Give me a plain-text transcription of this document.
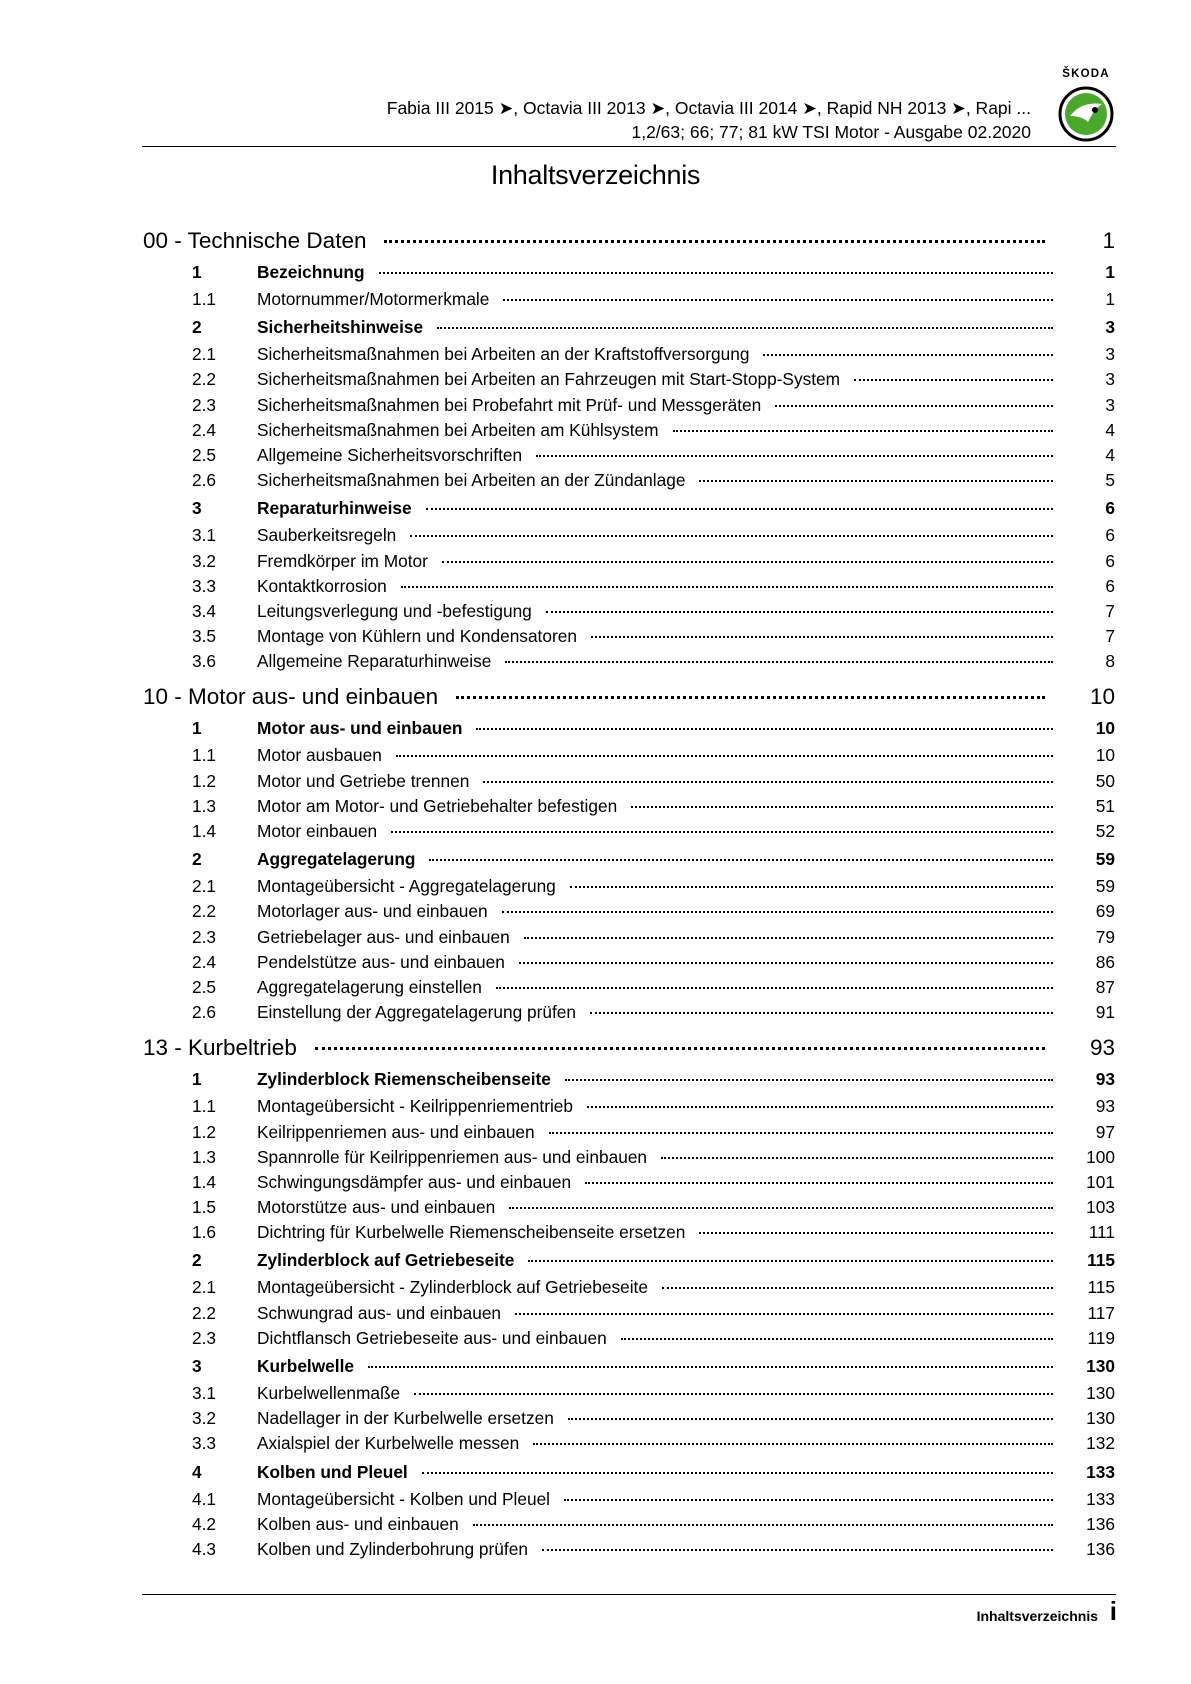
Fabia III 2015 ➤, Octavia III 2013 ➤, Octavia III 2014 ➤, Rapid NH 2013 ➤, Rapi ...
1,2/63; 66; 77; 81 kW TSI Motor - Ausgabe 02.2020
ŠKODA
Inhaltsverzeichnis
00 - Technische Daten	1
1	Bezeichnung	1
1.1	Motornummer/Motormerkmale	1
2	Sicherheitshinweise	3
2.1	Sicherheitsmaßnahmen bei Arbeiten an der Kraftstoffversorgung	3
2.2	Sicherheitsmaßnahmen bei Arbeiten an Fahrzeugen mit Start-Stopp-System	3
2.3	Sicherheitsmaßnahmen bei Probefahrt mit Prüf- und Messgeräten	3
2.4	Sicherheitsmaßnahmen bei Arbeiten am Kühlsystem	4
2.5	Allgemeine Sicherheitsvorschriften	4
2.6	Sicherheitsmaßnahmen bei Arbeiten an der Zündanlage	5
3	Reparaturhinweise	6
3.1	Sauberkeitsregeln	6
3.2	Fremdkörper im Motor	6
3.3	Kontaktkorrosion	6
3.4	Leitungsverlegung und -befestigung	7
3.5	Montage von Kühlern und Kondensatoren	7
3.6	Allgemeine Reparaturhinweise	8
10 - Motor aus- und einbauen	10
1	Motor aus- und einbauen	10
1.1	Motor ausbauen	10
1.2	Motor und Getriebe trennen	50
1.3	Motor am Motor- und Getriebehalter befestigen	51
1.4	Motor einbauen	52
2	Aggregatelagerung	59
2.1	Montageübersicht - Aggregatelagerung	59
2.2	Motorlager aus- und einbauen	69
2.3	Getriebelager aus- und einbauen	79
2.4	Pendelstütze aus- und einbauen	86
2.5	Aggregatelagerung einstellen	87
2.6	Einstellung der Aggregatelagerung prüfen	91
13 - Kurbeltrieb	93
1	Zylinderblock Riemenscheibenseite	93
1.1	Montageübersicht - Keilrippenriementrieb	93
1.2	Keilrippenriemen aus- und einbauen	97
1.3	Spannrolle für Keilrippenriemen aus- und einbauen	100
1.4	Schwingungsdämpfer aus- und einbauen	101
1.5	Motorstütze aus- und einbauen	103
1.6	Dichtring für Kurbelwelle Riemenscheibenseite ersetzen	111
2	Zylinderblock auf Getriebeseite	115
2.1	Montageübersicht - Zylinderblock auf Getriebeseite	115
2.2	Schwungrad aus- und einbauen	117
2.3	Dichtflansch Getriebeseite aus- und einbauen	119
3	Kurbelwelle	130
3.1	Kurbelwellenmaße	130
3.2	Nadellager in der Kurbelwelle ersetzen	130
3.3	Axialspiel der Kurbelwelle messen	132
4	Kolben und Pleuel	133
4.1	Montageübersicht - Kolben und Pleuel	133
4.2	Kolben aus- und einbauen	136
4.3	Kolben und Zylinderbohrung prüfen	136
Inhaltsverzeichnis i
